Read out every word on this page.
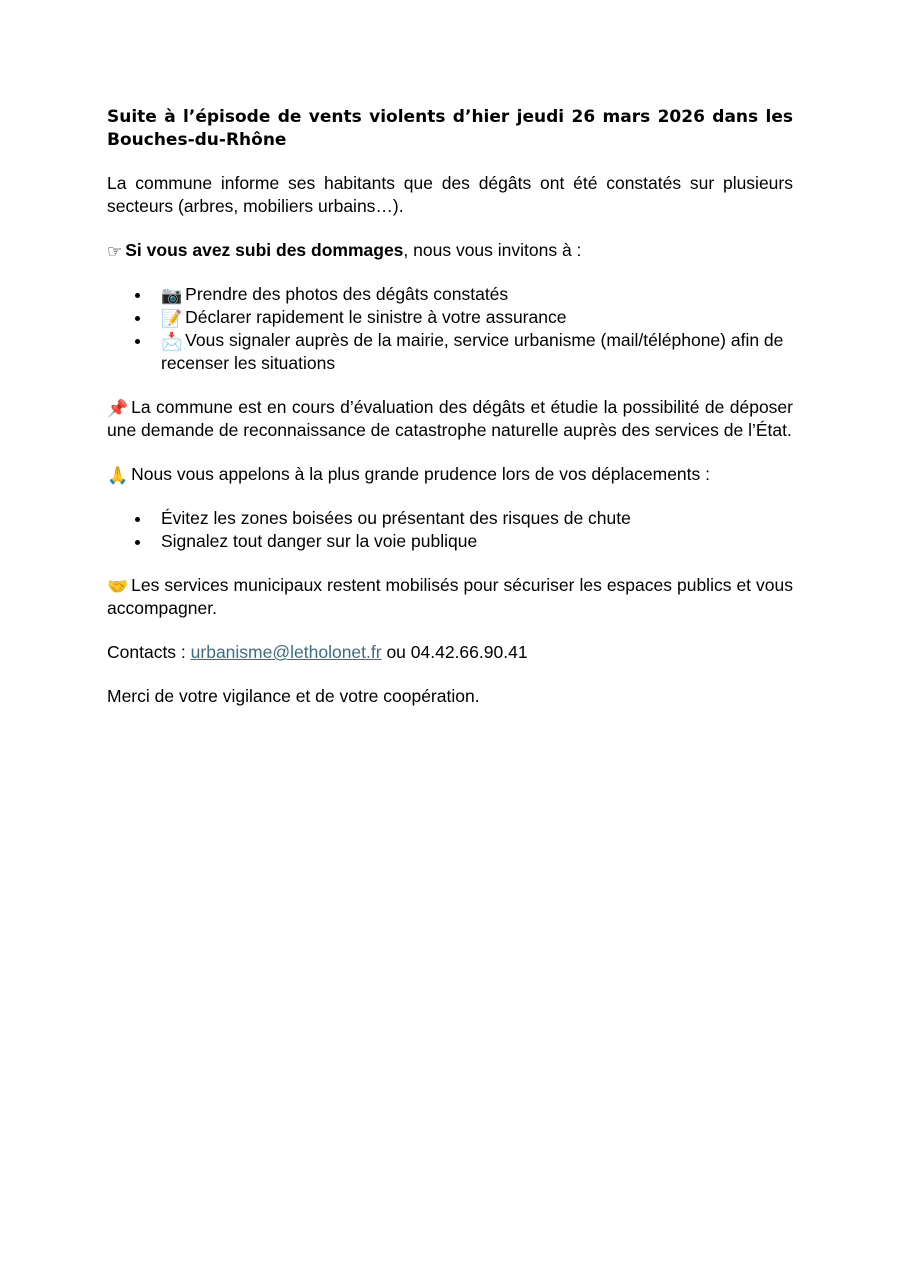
Suite à l’épisode de vents violents d’hier jeudi 26 mars 2026 dans les Bouches-du-Rhône

La commune informe ses habitants que des dégâts ont été constatés sur plusieurs secteurs (arbres, mobiliers urbains…).

☞ Si vous avez subi des dommages, nous vous invitons à :

📷 Prendre des photos des dégâts constatés
📝 Déclarer rapidement le sinistre à votre assurance
📩 Vous signaler auprès de la mairie, service urbanisme (mail/téléphone) afin de recenser les situations

📌 La commune est en cours d’évaluation des dégâts et étudie la possibilité de déposer une demande de reconnaissance de catastrophe naturelle auprès des services de l’État.

🙏 Nous vous appelons à la plus grande prudence lors de vos déplacements :

Évitez les zones boisées ou présentant des risques de chute
Signalez tout danger sur la voie publique

🤝 Les services municipaux restent mobilisés pour sécuriser les espaces publics et vous accompagner.

Contacts : urbanisme@letholonet.fr ou 04.42.66.90.41

Merci de votre vigilance et de votre coopération.
